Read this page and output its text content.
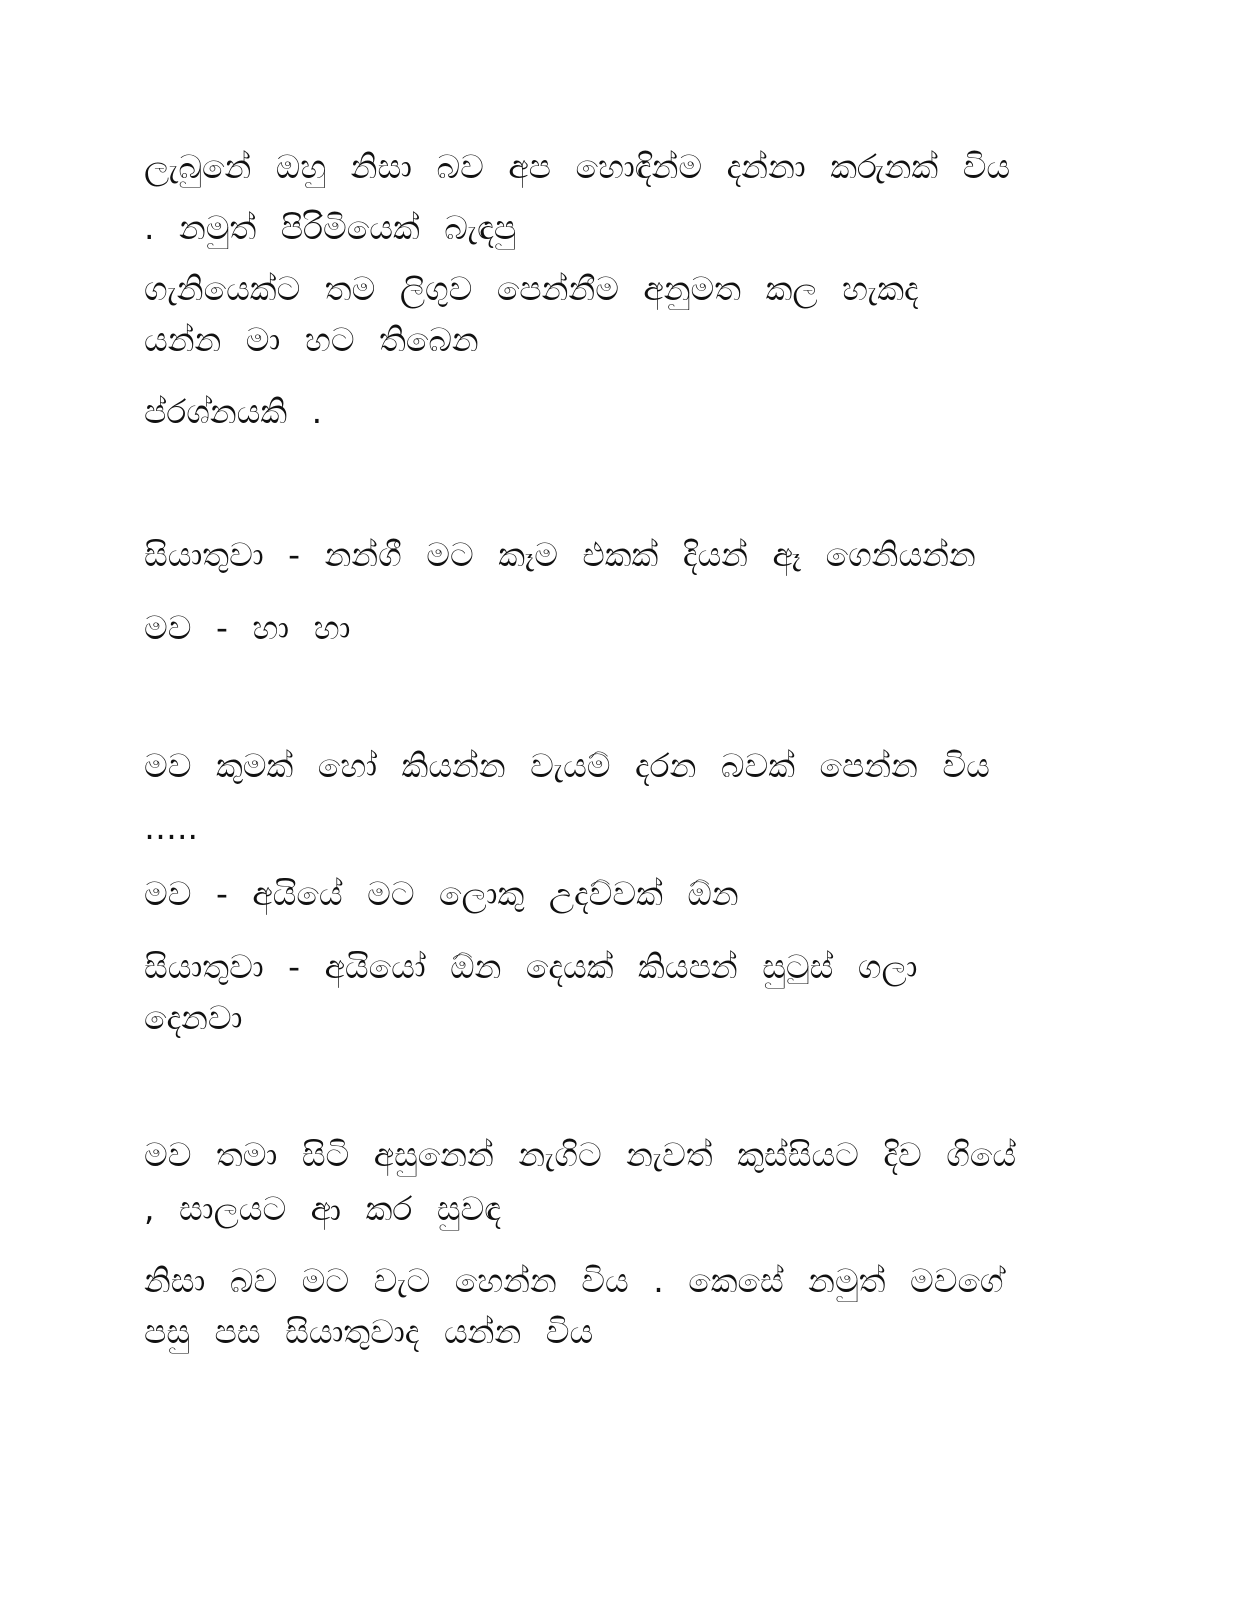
ලැබුනේ ඔහු නිසා බව අප හොඳින්ම දන්නා කරුනක් විය
. නමුත් පිරිමියෙක් බැඳපු
ගැනියෙක්ට තම ලිගුව පෙන්නීම අනුමත කල හැකද
යන්න මා හට තිබෙන
ප්රශ්නයකි .
සියාතුවා - නන්ගී මට කෑම එකක් දියන් ඈ ගෙනියන්න
මව - හා හා
මව කුමක් හෝ කියන්න වැයම් දරන බවක් පෙන්න විය
…..
මව - අයියේ මට ලොකු උදව්වක් ඕන
සියාතුවා - අයියෝ ඕන දෙයක් කියපන් සුටුස් ගලා
දෙනවා
මව තමා සිටි අසුනෙන් නැගිට නැවත් කුස්සියට දිව ගියේ
, සාලයට ආ කර සුවඳ
නිසා බව මට වැට හෙන්න විය . කෙසේ නමුත් මවගේ
පසු පස සියාතුවාද යන්න විය
